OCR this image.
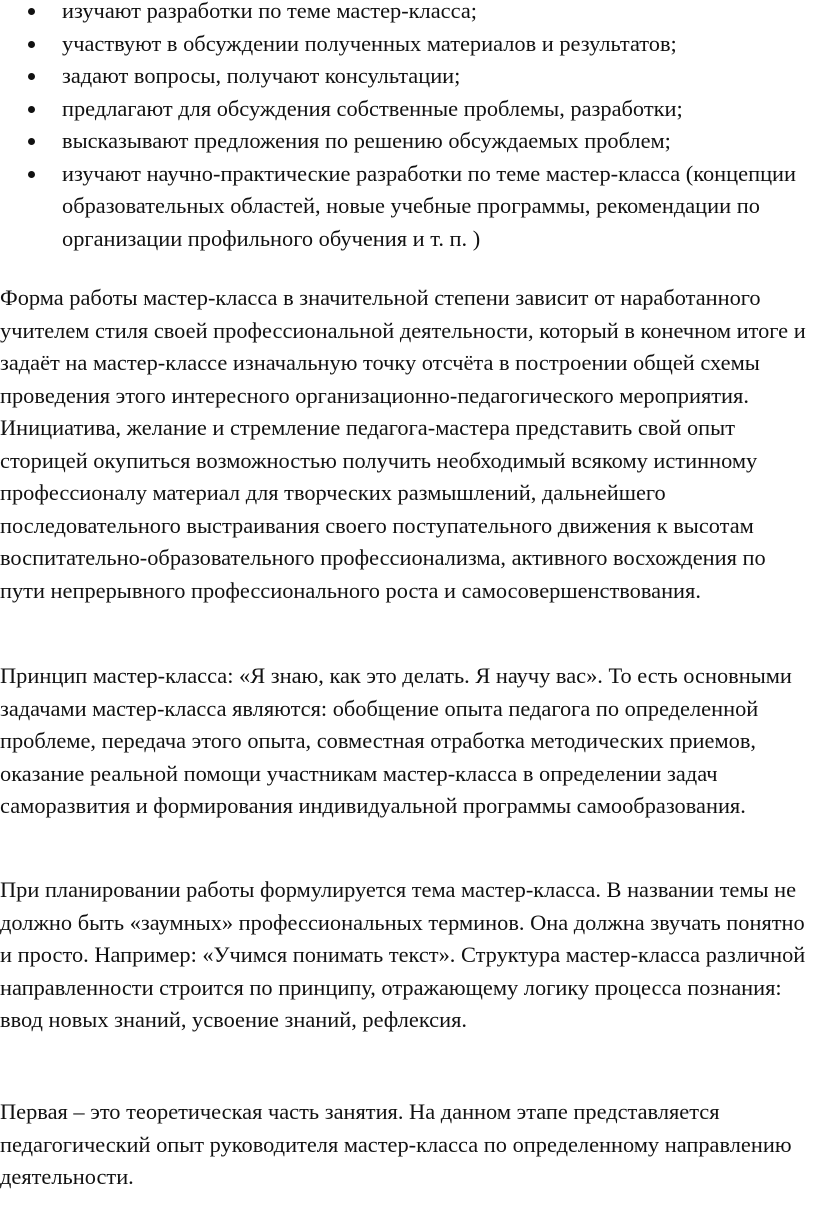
изучают разработки по теме мастер-класса;
участвуют в обсуждении полученных материалов и результатов;
задают вопросы, получают консультации;
предлагают для обсуждения собственные проблемы, разработки;
высказывают предложения по решению обсуждаемых проблем;
изучают научно-практические разработки по теме мастер-класса (концепции образовательных областей, новые учебные программы, рекомендации по организации профильного обучения и т. п. )

Форма работы мастер-класса в значительной степени зависит от наработанного учителем стиля своей профессиональной деятельности, который в конечном итоге и задаёт на мастер-классе изначальную точку отсчёта в построении общей схемы проведения этого интересного организационно-педагогического мероприятия. Инициатива, желание и стремление педагога-мастера представить свой опыт сторицей окупиться возможностью получить необходимый всякому истинному профессионалу материал для творческих размышлений, дальнейшего последовательного выстраивания своего поступательного движения к высотам воспитательно-образовательного профессионализма, активного восхождения по пути непрерывного профессионального роста и самосовершенствования.

Принцип мастер-класса: «Я знаю, как это делать. Я научу вас». То есть основными задачами мастер-класса являются: обобщение опыта педагога по определенной проблеме, передача этого опыта, совместная отработка методических приемов, оказание реальной помощи участникам мастер-класса в определении задач саморазвития и формирования индивидуальной программы самообразования.

При планировании работы формулируется тема мастер-класса. В названии темы не должно быть «заумных» профессиональных терминов. Она должна звучать понятно и просто. Например: «Учимся понимать текст». Структура мастер-класса различной направленности строится по принципу, отражающему логику процесса познания: ввод новых знаний, усвоение знаний, рефлексия.

Первая – это теоретическая часть занятия. На данном этапе представляется педагогический опыт руководителя мастер-класса по определенному направлению деятельности.
